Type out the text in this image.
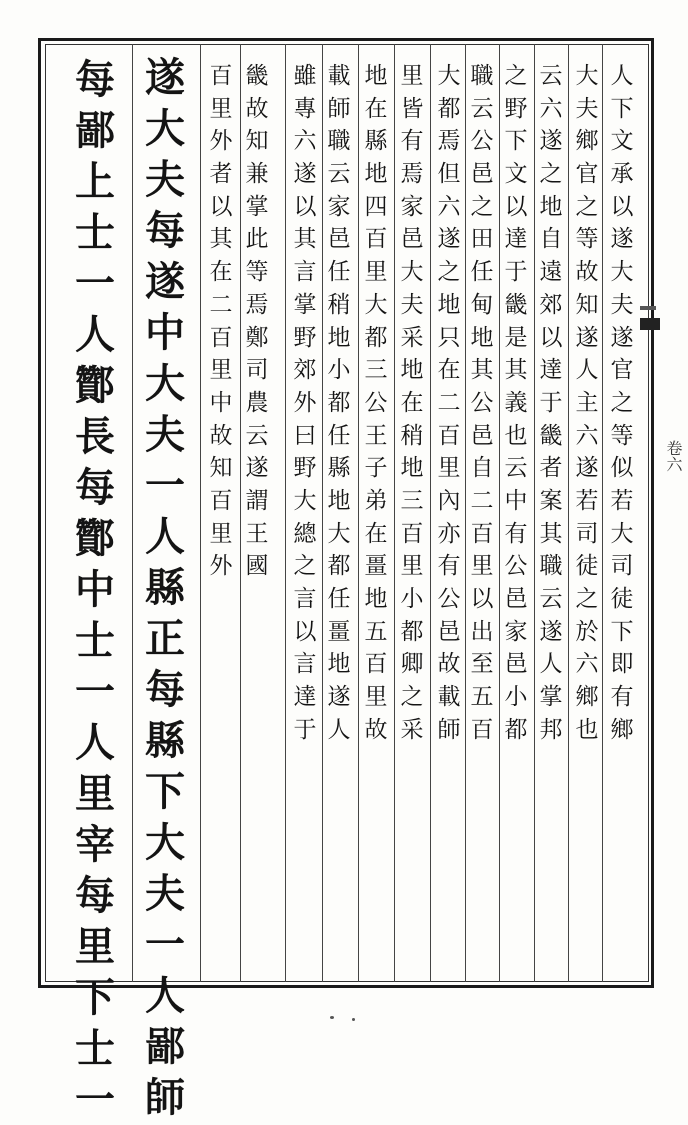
卷六
人
下
文
承
以
遂
大
夫
遂
官
之
等
似
若
大
司
徒
下
即
有
鄉
大
夫
鄉
官
之
等
故
知
遂
人
主
六
遂
若
司
徒
之
於
六
鄉
也
云
六
遂
之
地
自
遠
郊
以
達
于
畿
者
案
其
職
云
遂
人
掌
邦
之
野
下
文
以
達
于
畿
是
其
義
也
云
中
有
公
邑
家
邑
小
都
職
云
公
邑
之
田
任
甸
地
其
公
邑
自
二
百
里
以
出
至
五
百
大
都
焉
但
六
遂
之
地
只
在
二
百
里
內
亦
有
公
邑
故
載
師
里
皆
有
焉
家
邑
大
夫
采
地
在
稍
地
三
百
里
小
都
卿
之
采
地
在
縣
地
四
百
里
大
都
三
公
王
子
弟
在
畺
地
五
百
里
故
載
師
職
云
家
邑
任
稍
地
小
都
任
縣
地
大
都
任
畺
地
遂
人
雖
專
六
遂
以
其
言
掌
野
郊
外
曰
野
大
總
之
言
以
言
達
于
畿
故
知
兼
掌
此
等
焉
鄭
司
農
云
遂
謂
王
國
百
里
外
者
以
其
在
二
百
里
中
故
知
百
里
外
遂
大
夫
每
遂
中
大
夫
一
人
縣
正
每
縣
下
大
夫
一
人
鄙
師
每
鄙
上
士
一
人
酇
長
每
酇
中
士
一
人
里
宰
每
里
下
士
一
